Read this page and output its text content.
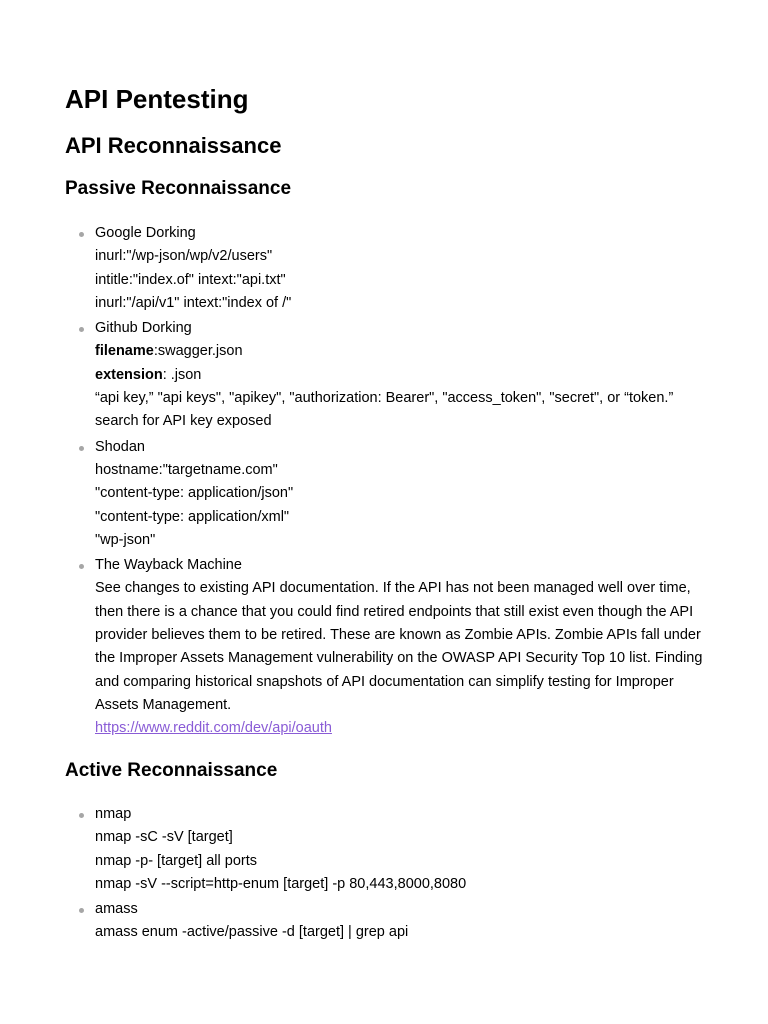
API Pentesting
API Reconnaissance
Passive Reconnaissance
Google Dorking
inurl:"/wp-json/wp/v2/users"
intitle:"index.of" intext:"api.txt"
inurl:"/api/v1" intext:"index of /"
Github Dorking
filename:swagger.json
extension: .json
“api key,” "api keys", "apikey", "authorization: Bearer", "access_token", "secret", or “token.”
search for API key exposed
Shodan
hostname:"targetname.com"
"content-type: application/json"
"content-type: application/xml"
"wp-json"
The Wayback Machine
See changes to existing API documentation. If the API has not been managed well over time, then there is a chance that you could find retired endpoints that still exist even though the API provider believes them to be retired. These are known as Zombie APIs. Zombie APIs fall under the Improper Assets Management vulnerability on the OWASP API Security Top 10 list. Finding and comparing historical snapshots of API documentation can simplify testing for Improper Assets Management.
https://www.reddit.com/dev/api/oauth
Active Reconnaissance
nmap
nmap -sC -sV [target]
nmap -p- [target] all ports
nmap -sV --script=http-enum [target] -p 80,443,8000,8080
amass
amass enum -active/passive -d [target] | grep api
